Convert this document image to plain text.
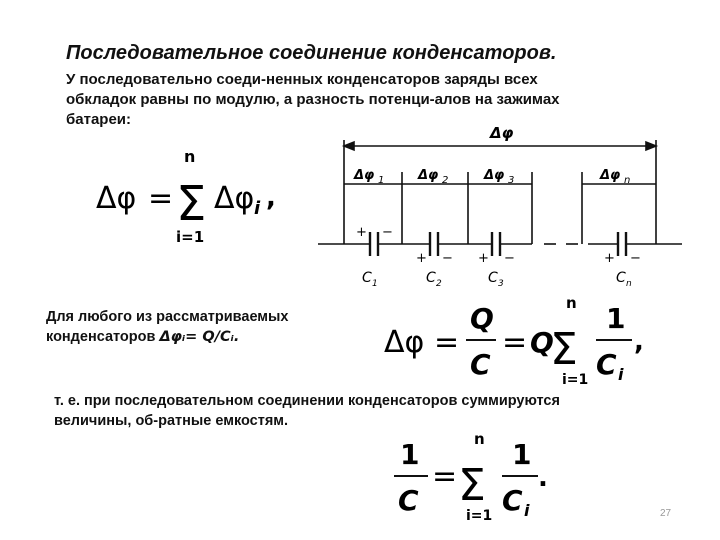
Последовательное соединение конденсаторов.
У последовательно соеди-ненных конденсаторов заряды всех
обкладок равны по модулю, а разность потенци-алов на зажимах
батареи:
Δφ = Σ
n
i=1
Δφ i ,
Δφ
Δφ 1	Δφ 2	Δφ 3	Δφ n
+ −
+ − + −	+ −
C 1	C 2	C 3	C n
Для любого из рассматриваемых
конденсаторов Δφᵢ= Q/Cᵢ.	Δφ =
Q
C
= Q
Σ
n
i=1
1
C i
,
т. е. при последовательном соединении конденсаторов суммируются
величины, об-ратные емкостям.
1
C
= Σ
n
i=1
1
C i
.
27
